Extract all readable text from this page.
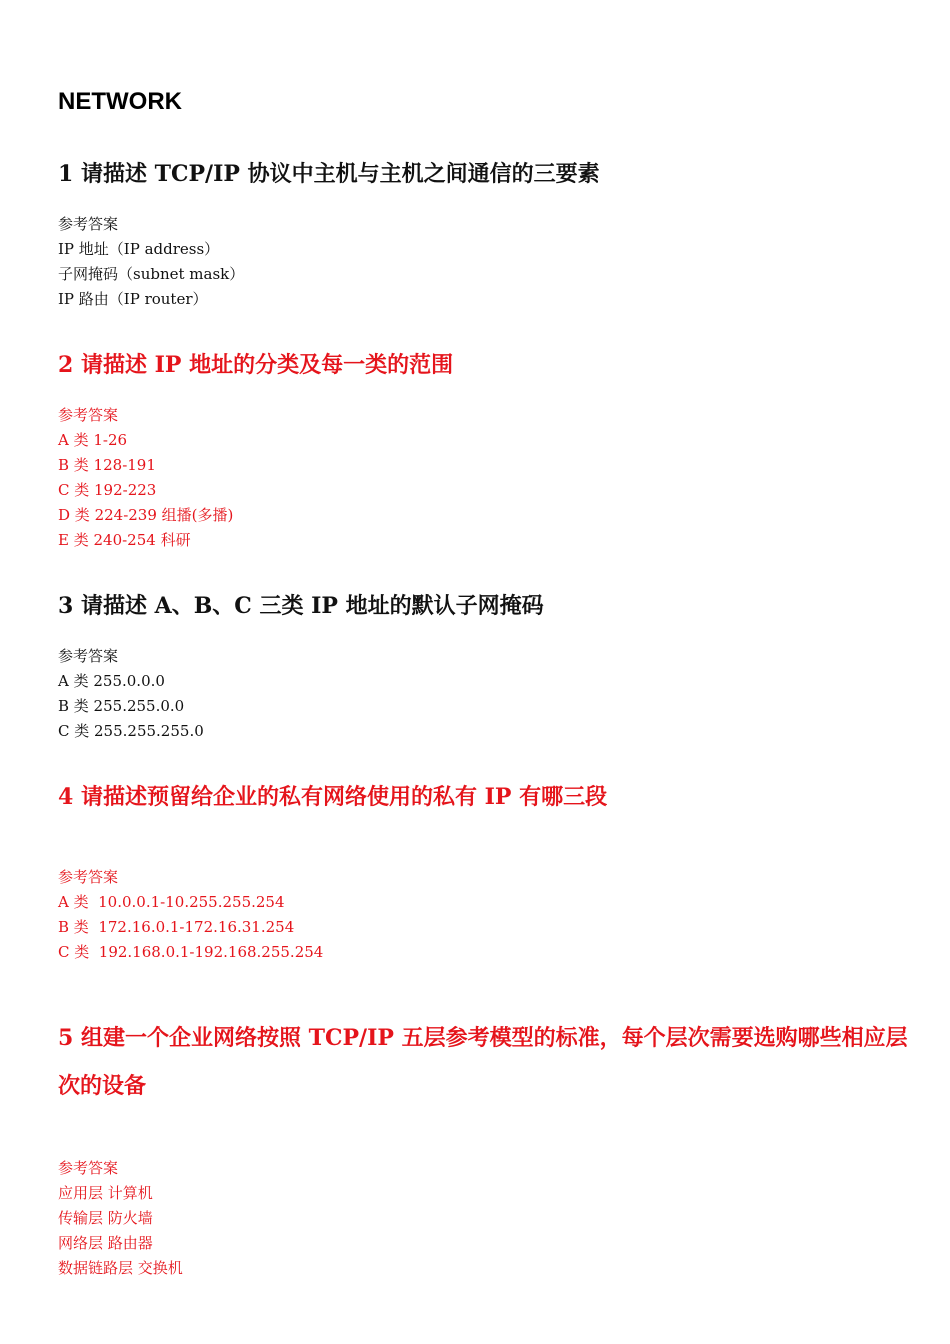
NETWORK
1 请描述 TCP/IP 协议中主机与主机之间通信的三要素
参考答案
IP 地址（IP address）
子网掩码（subnet mask）
IP 路由（IP router）
2 请描述 IP 地址的分类及每一类的范围
参考答案
A 类 1-26
B 类 128-191
C 类 192-223
D 类 224-239 组播(多播)
E 类 240-254 科研
3 请描述 A、B、C 三类 IP 地址的默认子网掩码
参考答案
A 类 255.0.0.0
B 类 255.255.0.0
C 类 255.255.255.0
4 请描述预留给企业的私有网络使用的私有 IP 有哪三段
参考答案
A 类  10.0.0.1-10.255.255.254
B 类  172.16.0.1-172.16.31.254
C 类  192.168.0.1-192.168.255.254
5 组建一个企业网络按照 TCP/IP 五层参考模型的标准，每个层次需要选购哪些相应层次的设备
参考答案
应用层 计算机
传输层 防火墙
网络层 路由器
数据链路层 交换机
